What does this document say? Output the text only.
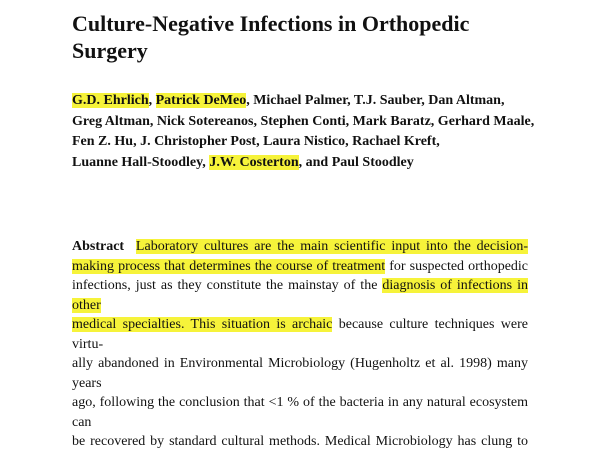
Culture-Negative Infections in Orthopedic
Surgery
G.D. Ehrlich, Patrick DeMeo, Michael Palmer, T.J. Sauber, Dan Altman,
Greg Altman, Nick Sotereanos, Stephen Conti, Mark Baratz, Gerhard Maale,
Fen Z. Hu, J. Christopher Post, Laura Nistico, Rachael Kreft,
Luanne Hall-Stoodley, J.W. Costerton, and Paul Stoodley
Abstract Laboratory cultures are the main scientific input into the decision-
making process that determines the course of treatment for suspected orthopedic
infections, just as they constitute the mainstay of the diagnosis of infections in other
medical specialties. This situation is archaic because culture techniques were virtu-
ally abandoned in Environmental Microbiology (Hugenholtz et al. 1998) many years
ago, following the conclusion that <1 % of the bacteria in any natural ecosystem can
be recovered by standard cultural methods. Medical Microbiology has clung to
